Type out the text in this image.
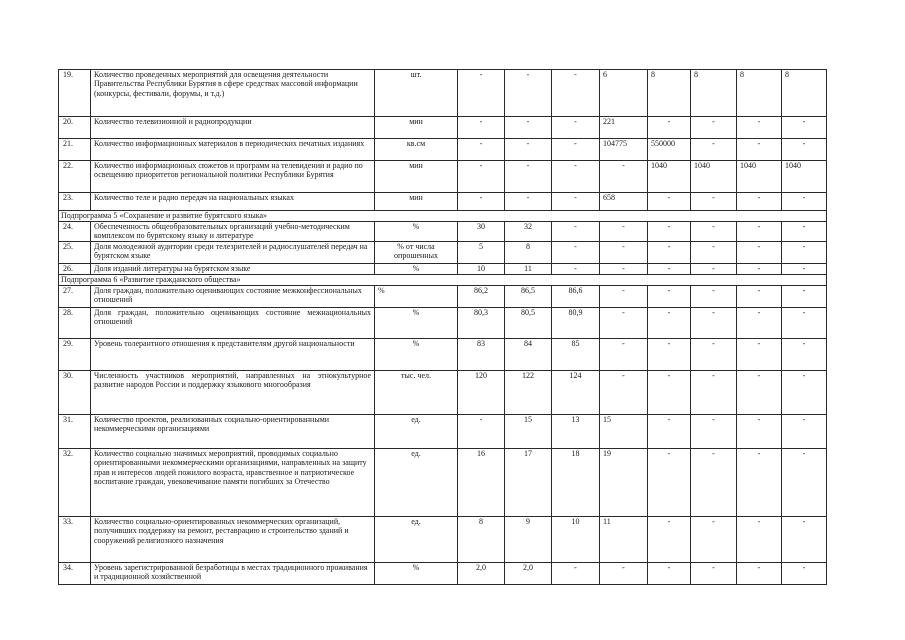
19.	Количество проведенных мероприятий для освещения деятельности Правительства Республики Бурятия в сфере средствах массовой информации (конкурсы, фестивали, форумы, и т.д.)	шт.	-	-	-	6	8	8	8	8
20.	Количество телевизионной и радиопродукции	мин	-	-	-	221	-	-	-	-
21.	Количество информационных материалов в периодических печатных изданиях	кв.см	-	-	-	104775	550000	-	-	-
22.	Количество информационных сюжетов и программ на телевидении и радио по освещению приоритетов региональной политики Республики Бурятия	мин	-	-	-	-	1040	1040	1040	1040
23.	Количество теле и радио передач на национальных языках	мин	-	-	-	658	-	-	-	-
Подпрограмма 5 «Сохранение и развитие бурятского языка»										
24.	Обеспеченность общеобразовательных организаций учебно-методическим комплексом по бурятскому языку и литературе	%	30	32	-	-	-	-	-	-
25.	Доля молодежной аудитории среди телезрителей и радиослушателей передач на бурятском языке	% от числа опрошенных	5	8	-	-	-	-	-	-
26.	Доля изданий литературы на бурятском языке	%	10	11	-	-	-	-	-	-
Подпрограмма 6 «Развитие гражданского общества»										
27.	Доля граждан, положительно оценивающих состояние межконфессиональных отношений	%	86,2	86,5	86,6	-	-	-	-	-
28.	Доля граждан, положительно оценивающих состояние межнациональных отношений	%	80,3	80,5	80,9	-	-	-	-	-
29.	Уровень толерантного отношения к представителям другой национальности	%	83	84	85	-	-	-	-	-
30.	Численность участников мероприятий, направленных на этнокультурное развитие народов России и поддержку языкового многообразия	тыс. чел.	120	122	124	-	-	-	-	-
31.	Количество проектов, реализованных социально-ориентированными некоммерческими организациями	ед.	-	15	13	15	-	-	-	-
32.	Количество социально значимых мероприятий, проводимых социально ориентированными некоммерческими организациями, направленных на защиту прав и интересов людей пожилого возраста, нравственное и патриотическое воспитание граждан, увековечивание памяти погибших за Отечество	ед.	16	17	18	19	-	-	-	-
33.	Количество социально-ориентированных некоммерческих организаций, получивших поддержку на ремонт, реставрацию и строительство зданий и сооружений религиозного назначения	ед.	8	9	10	11	-	-	-	-
34.	Уровень зарегистрированной безработицы в местах традиционного проживания и традиционной хозяйственной	%	2,0	2,0	-	-	-	-	-	-
